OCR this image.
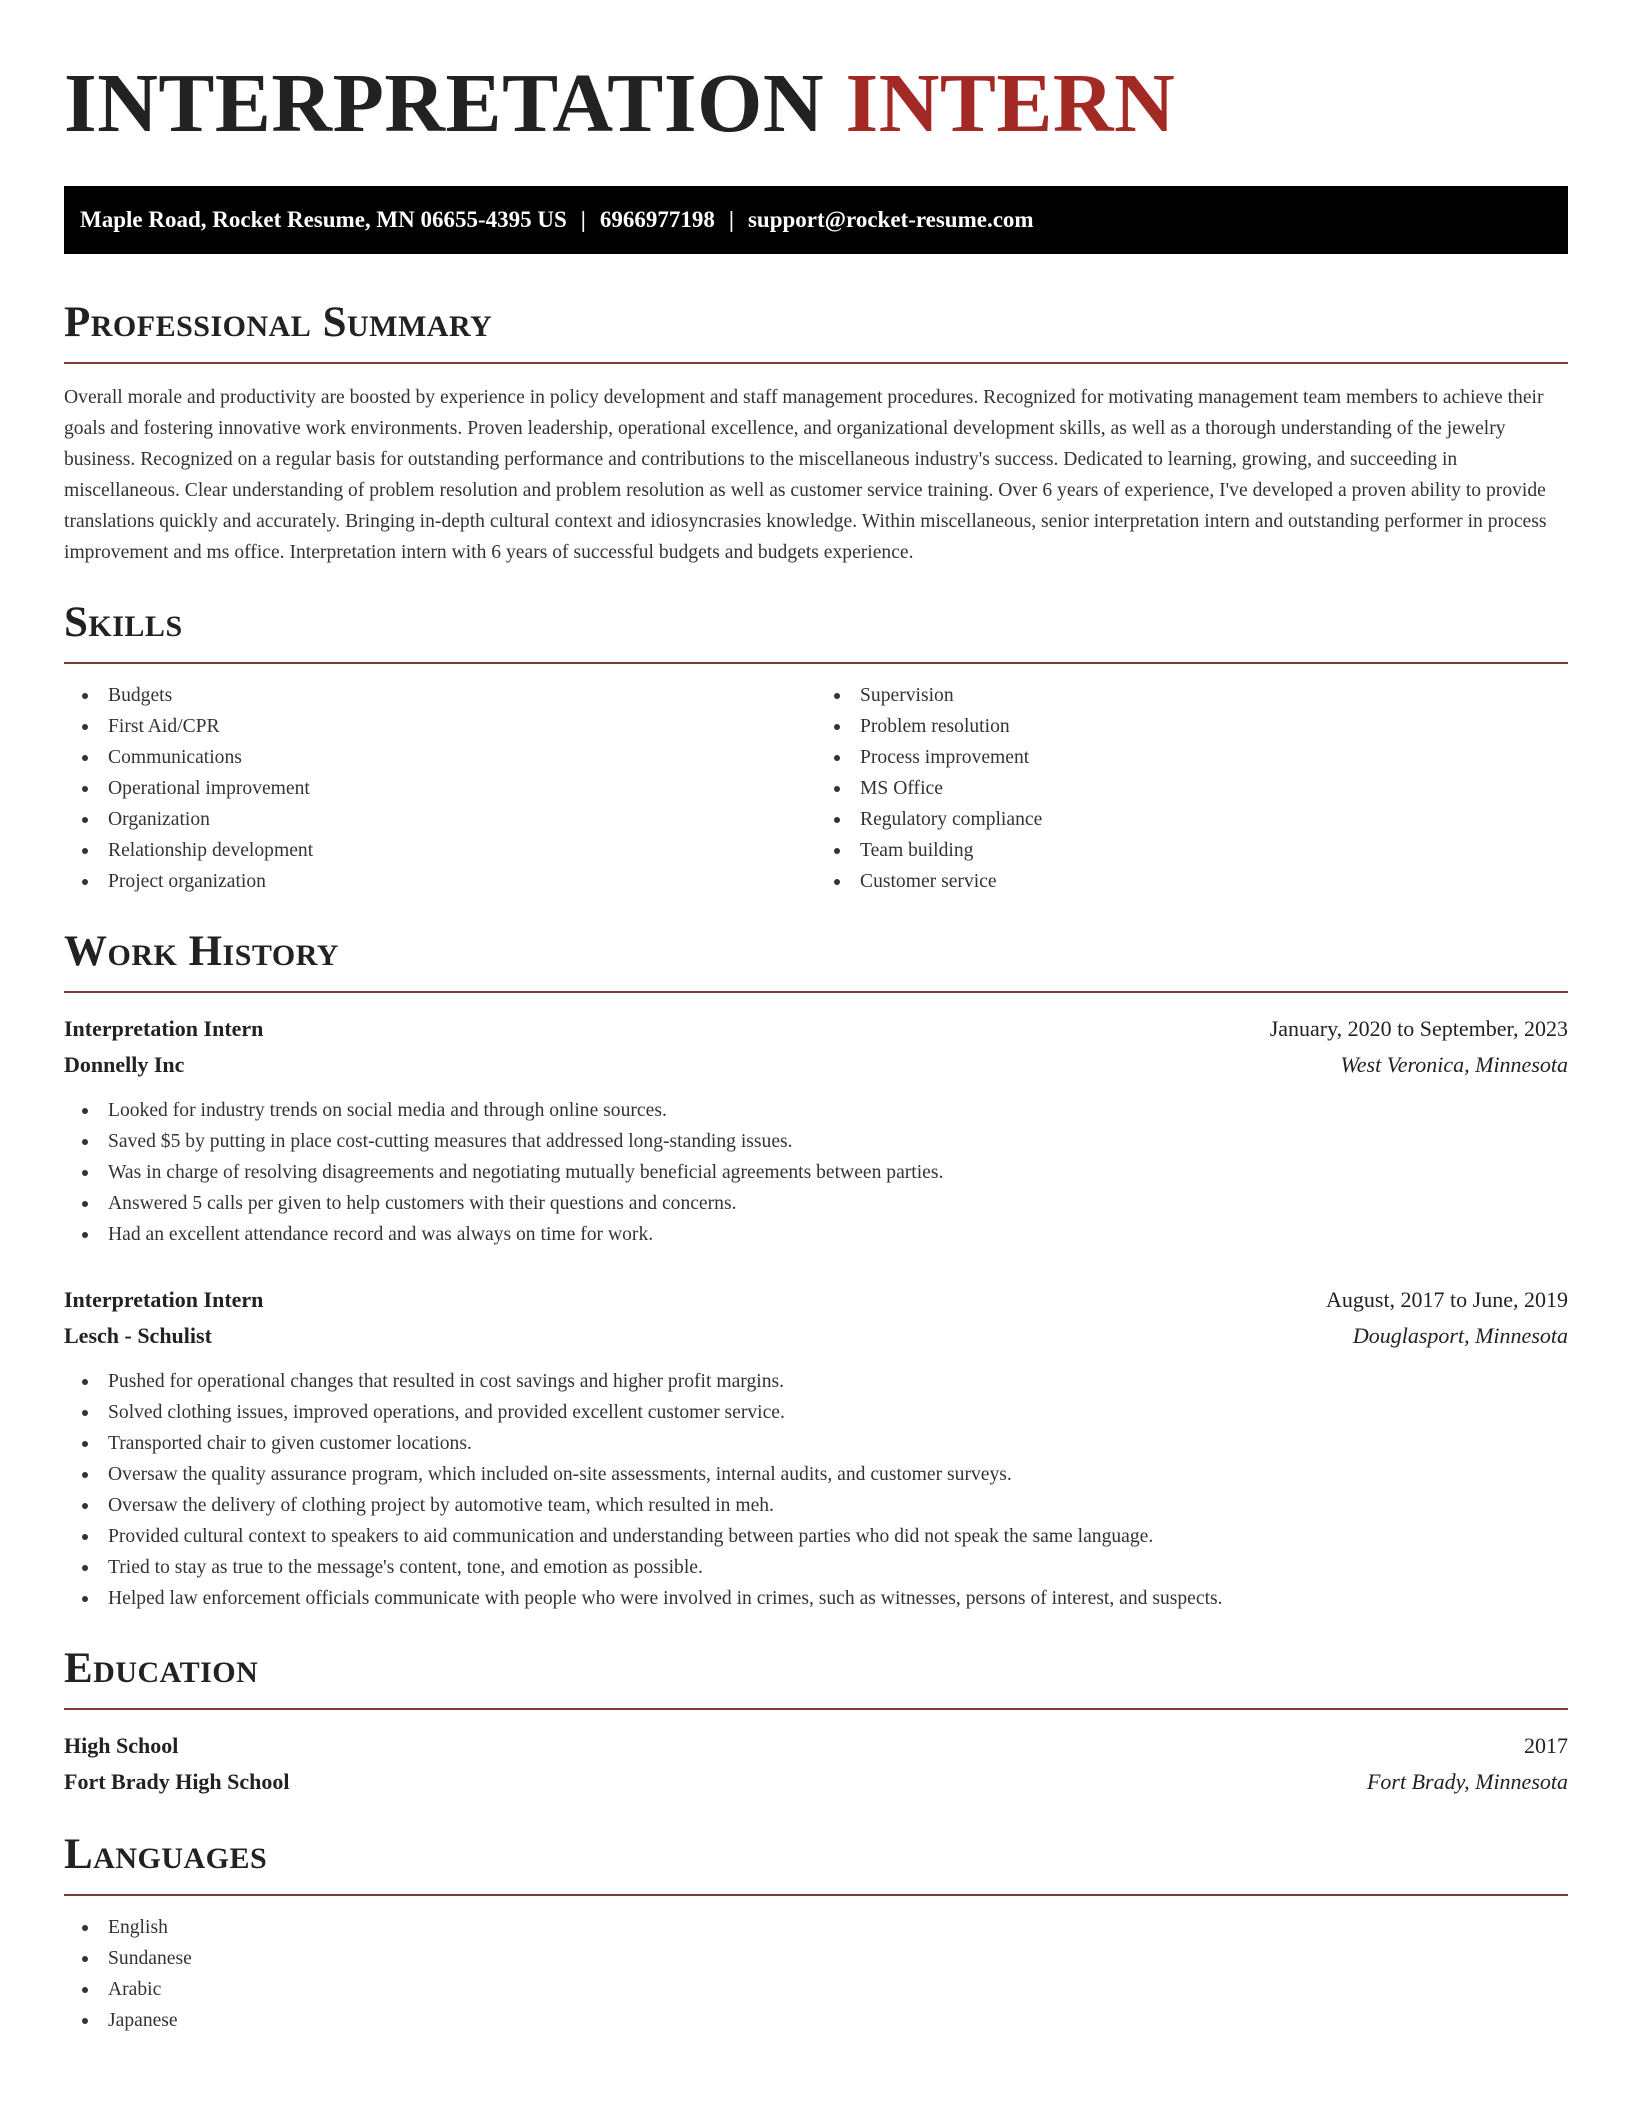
INTERPRETATION INTERN
Maple Road, Rocket Resume, MN 06655-4395 US | 6966977198 | support@rocket-resume.com
Professional Summary
Overall morale and productivity are boosted by experience in policy development and staff management procedures. Recognized for motivating management team members to achieve their goals and fostering innovative work environments. Proven leadership, operational excellence, and organizational development skills, as well as a thorough understanding of the jewelry business. Recognized on a regular basis for outstanding performance and contributions to the miscellaneous industry's success. Dedicated to learning, growing, and succeeding in miscellaneous. Clear understanding of problem resolution and problem resolution as well as customer service training. Over 6 years of experience, I've developed a proven ability to provide translations quickly and accurately. Bringing in-depth cultural context and idiosyncrasies knowledge. Within miscellaneous, senior interpretation intern and outstanding performer in process improvement and ms office. Interpretation intern with 6 years of successful budgets and budgets experience.
Skills
Budgets
First Aid/CPR
Communications
Operational improvement
Organization
Relationship development
Project organization
Supervision
Problem resolution
Process improvement
MS Office
Regulatory compliance
Team building
Customer service
Work History
Interpretation Intern	January, 2020 to September, 2023
Donnelly Inc	West Veronica, Minnesota
Looked for industry trends on social media and through online sources.
Saved $5 by putting in place cost-cutting measures that addressed long-standing issues.
Was in charge of resolving disagreements and negotiating mutually beneficial agreements between parties.
Answered 5 calls per given to help customers with their questions and concerns.
Had an excellent attendance record and was always on time for work.
Interpretation Intern	August, 2017 to June, 2019
Lesch - Schulist	Douglasport, Minnesota
Pushed for operational changes that resulted in cost savings and higher profit margins.
Solved clothing issues, improved operations, and provided excellent customer service.
Transported chair to given customer locations.
Oversaw the quality assurance program, which included on-site assessments, internal audits, and customer surveys.
Oversaw the delivery of clothing project by automotive team, which resulted in meh.
Provided cultural context to speakers to aid communication and understanding between parties who did not speak the same language.
Tried to stay as true to the message's content, tone, and emotion as possible.
Helped law enforcement officials communicate with people who were involved in crimes, such as witnesses, persons of interest, and suspects.
Education
High School	2017
Fort Brady High School	Fort Brady, Minnesota
Languages
English
Sundanese
Arabic
Japanese
